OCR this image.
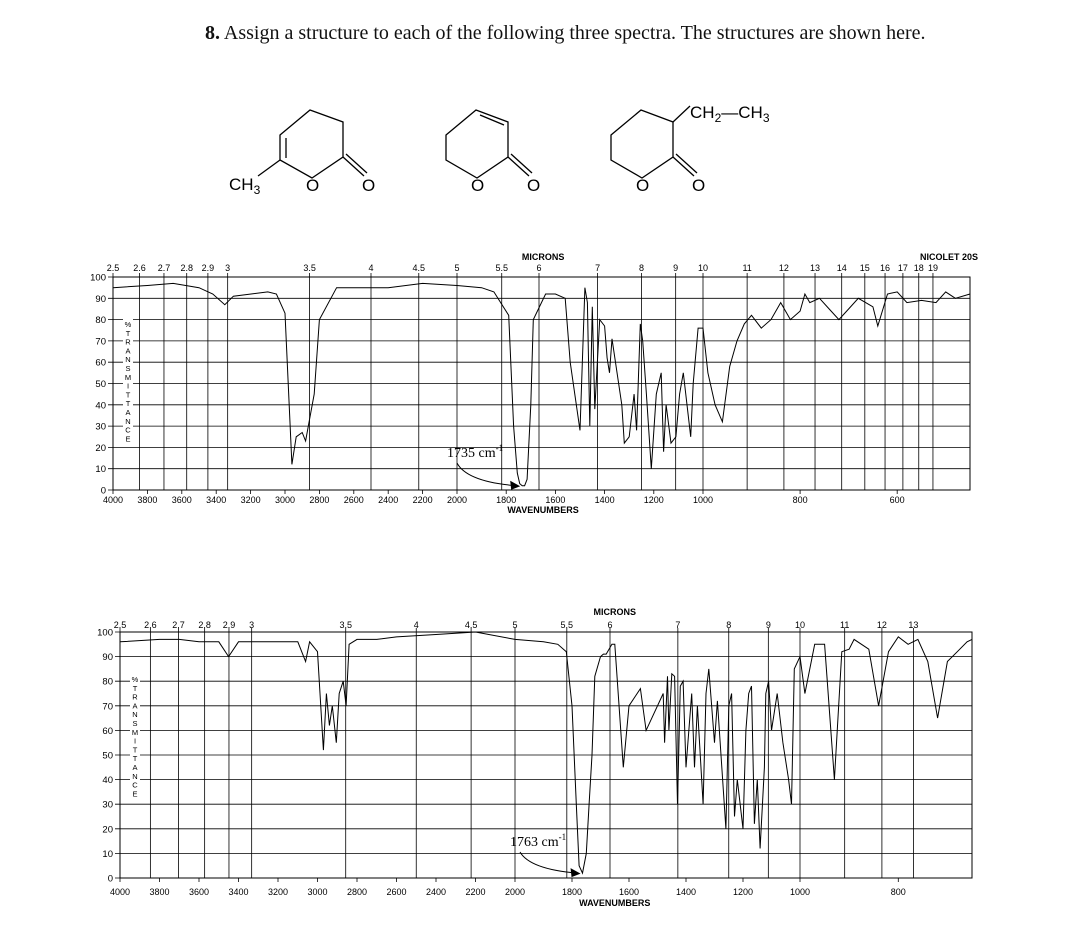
8. Assign a structure to each of the following three spectra. The structures are shown here.

$CH_3$	O	O	O	O	O	O
$CH_2—CH_3$
0
10
20
30
40
50
60
70
80
90
100
2.5 2.6 2.7 2.8 2.9 3	3.5	4	4.5	5	5.5	6	7	8	9 10	11	12 13 14 15 16 17 18 19
4000 3800 3600 3400 3200 3000 2800 2600 2400 2200 2000	1800	1600	1400	1200	1000	800	600
MICRONS
WAVENUMBERS
NICOLET 20S
%
T
R
A
N
S
M
I
T
T
A
N
C
E
1735 $cm^{-1}$
0
10
20
30
40
50
60
70
80
90
100
2.5 2.6 2.7 2.8 2.9 3	3.5	4	4.5	5	5.5	6	7	8	9	10	11	12 13
4000 3800 3600 3400 3200 3000 2800 2600 2400 2200 2000	1800	1600	1400	1200	1000	800
MICRONS
WAVENUMBERS
%
T
R
A
N
S
M
I
T
T
A
N
C
E
1763 $cm^{-1}$
